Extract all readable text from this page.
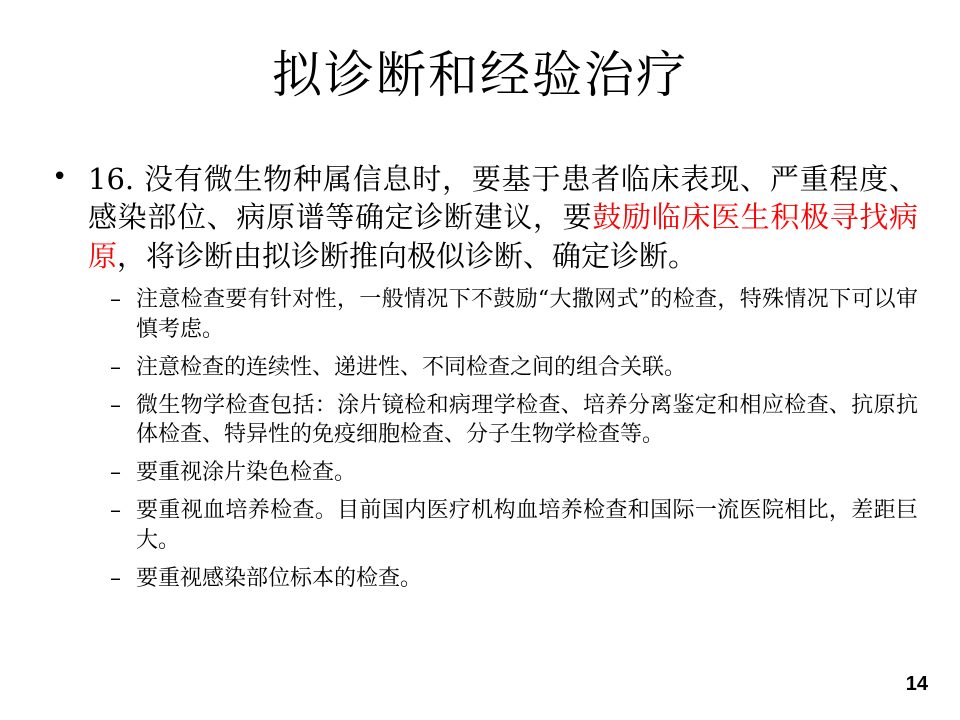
拟诊断和经验治疗
• 16. 没有微生物种属信息时，要基于患者临床表现、严重程度、感染部位、病原谱等确定诊断建议，要鼓励临床医生积极寻找病原，将诊断由拟诊断推向极似诊断、确定诊断。
– 注意检查要有针对性，一般情况下不鼓励“大撒网式”的检查，特殊情况下可以审慎考虑。
– 注意检查的连续性、递进性、不同检查之间的组合关联。
– 微生物学检查包括：涂片镜检和病理学检查、培养分离鉴定和相应检查、抗原抗体检查、特异性的免疫细胞检查、分子生物学检查等。
– 要重视涂片染色检查。
– 要重视血培养检查。目前国内医疗机构血培养检查和国际一流医院相比，差距巨大。
– 要重视感染部位标本的检查。
14
